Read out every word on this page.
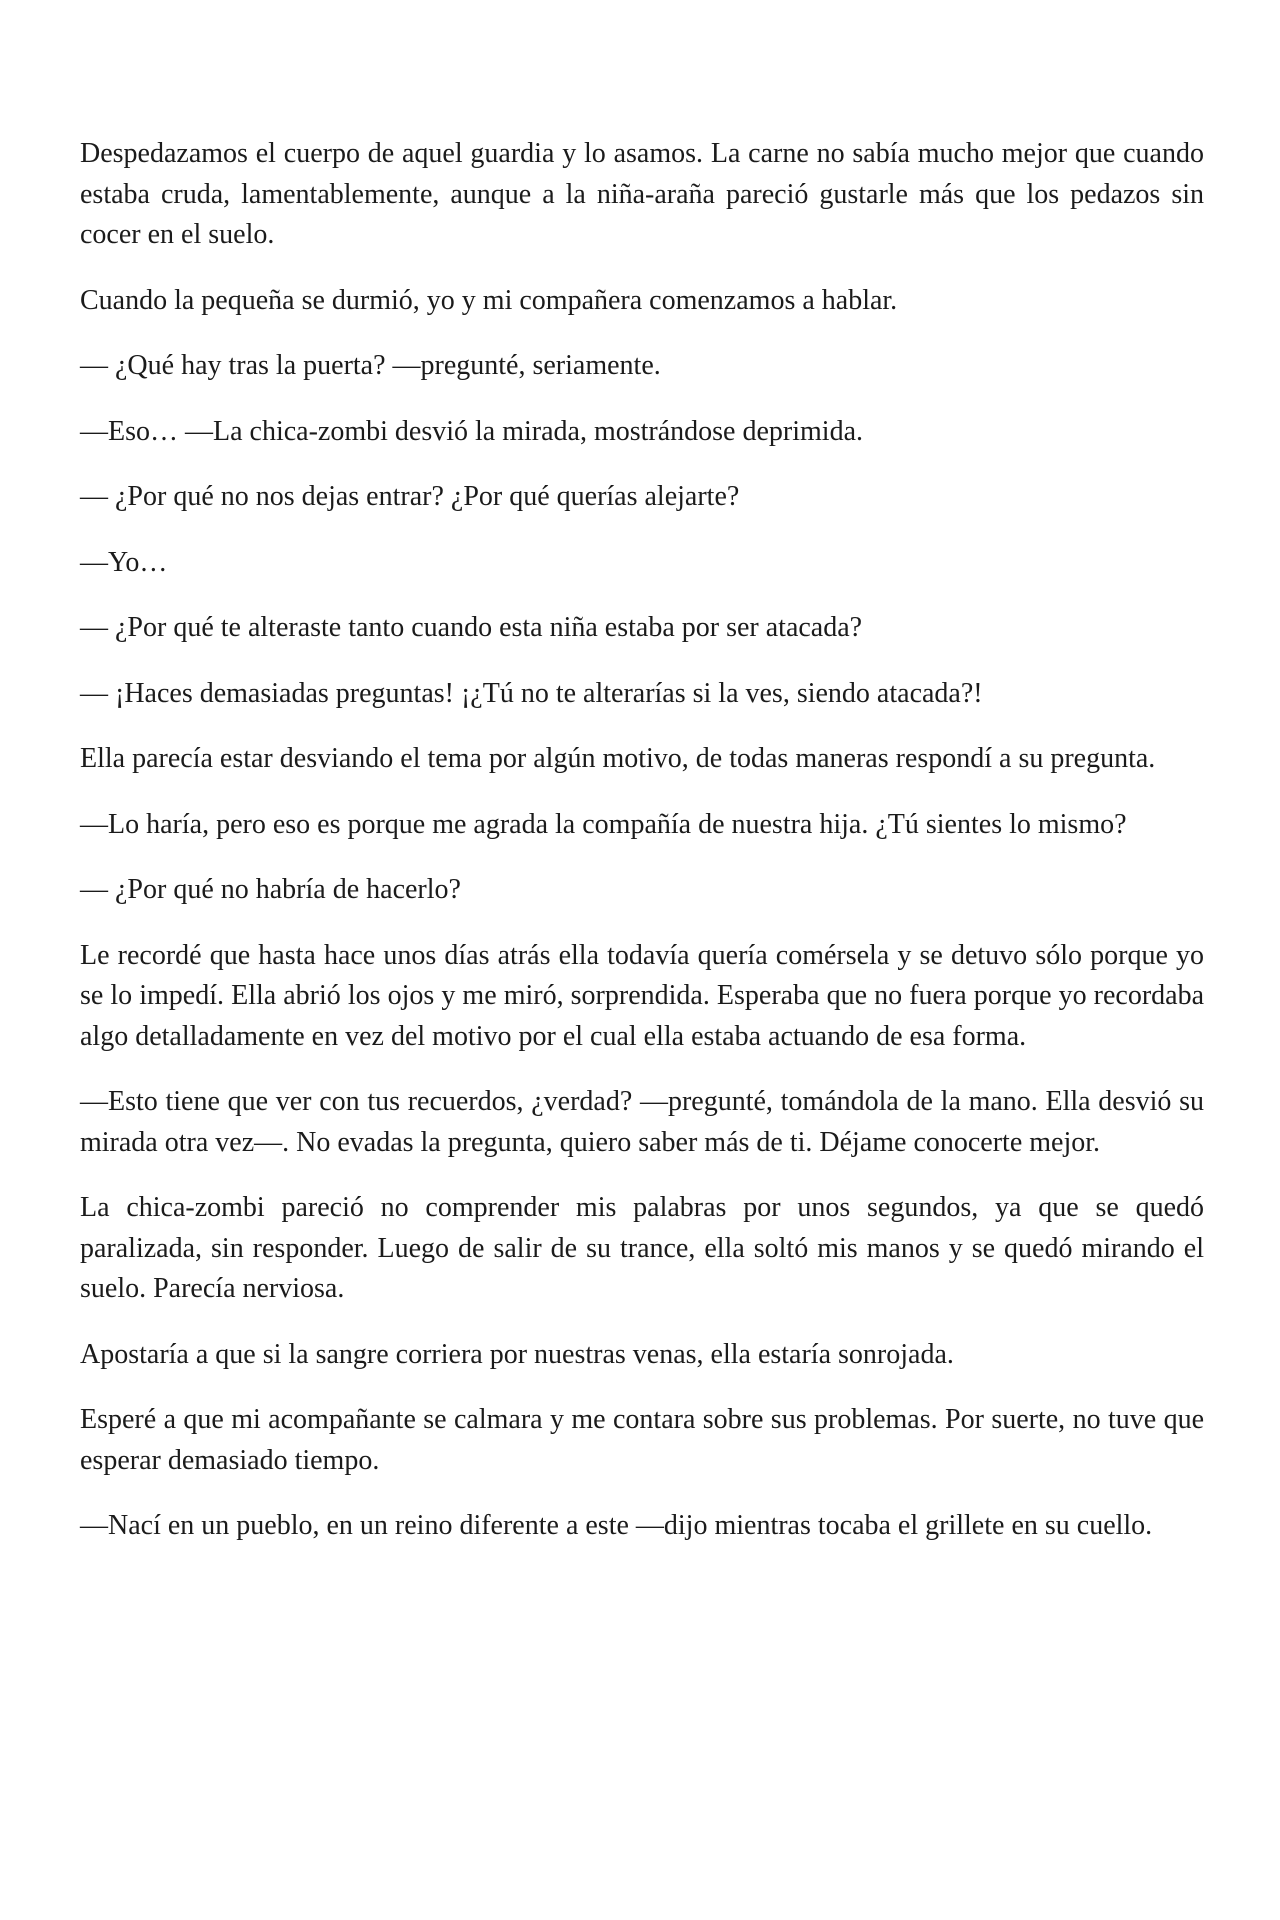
Despedazamos el cuerpo de aquel guardia y lo asamos. La carne no sabía mucho mejor que cuando estaba cruda, lamentablemente, aunque a la niña-araña pareció gustarle más que los pedazos sin cocer en el suelo.

Cuando la pequeña se durmió, yo y mi compañera comenzamos a hablar.

— ¿Qué hay tras la puerta? —pregunté, seriamente.

—Eso… —La chica-zombi desvió la mirada, mostrándose deprimida.

— ¿Por qué no nos dejas entrar? ¿Por qué querías alejarte?

—Yo…

— ¿Por qué te alteraste tanto cuando esta niña estaba por ser atacada?

— ¡Haces demasiadas preguntas! ¡¿Tú no te alterarías si la ves, siendo atacada?!

Ella parecía estar desviando el tema por algún motivo, de todas maneras respondí a su pregunta.

—Lo haría, pero eso es porque me agrada la compañía de nuestra hija. ¿Tú sientes lo mismo?

— ¿Por qué no habría de hacerlo?

Le recordé que hasta hace unos días atrás ella todavía quería comérsela y se detuvo sólo porque yo se lo impedí. Ella abrió los ojos y me miró, sorprendida. Esperaba que no fuera porque yo recordaba algo detalladamente en vez del motivo por el cual ella estaba actuando de esa forma.

—Esto tiene que ver con tus recuerdos, ¿verdad? —pregunté, tomándola de la mano. Ella desvió su mirada otra vez—. No evadas la pregunta, quiero saber más de ti. Déjame conocerte mejor.

La chica-zombi pareció no comprender mis palabras por unos segundos, ya que se quedó paralizada, sin responder. Luego de salir de su trance, ella soltó mis manos y se quedó mirando el suelo. Parecía nerviosa.

Apostaría a que si la sangre corriera por nuestras venas, ella estaría sonrojada.

Esperé a que mi acompañante se calmara y me contara sobre sus problemas. Por suerte, no tuve que esperar demasiado tiempo.

—Nací en un pueblo, en un reino diferente a este —dijo mientras tocaba el grillete en su cuello.
